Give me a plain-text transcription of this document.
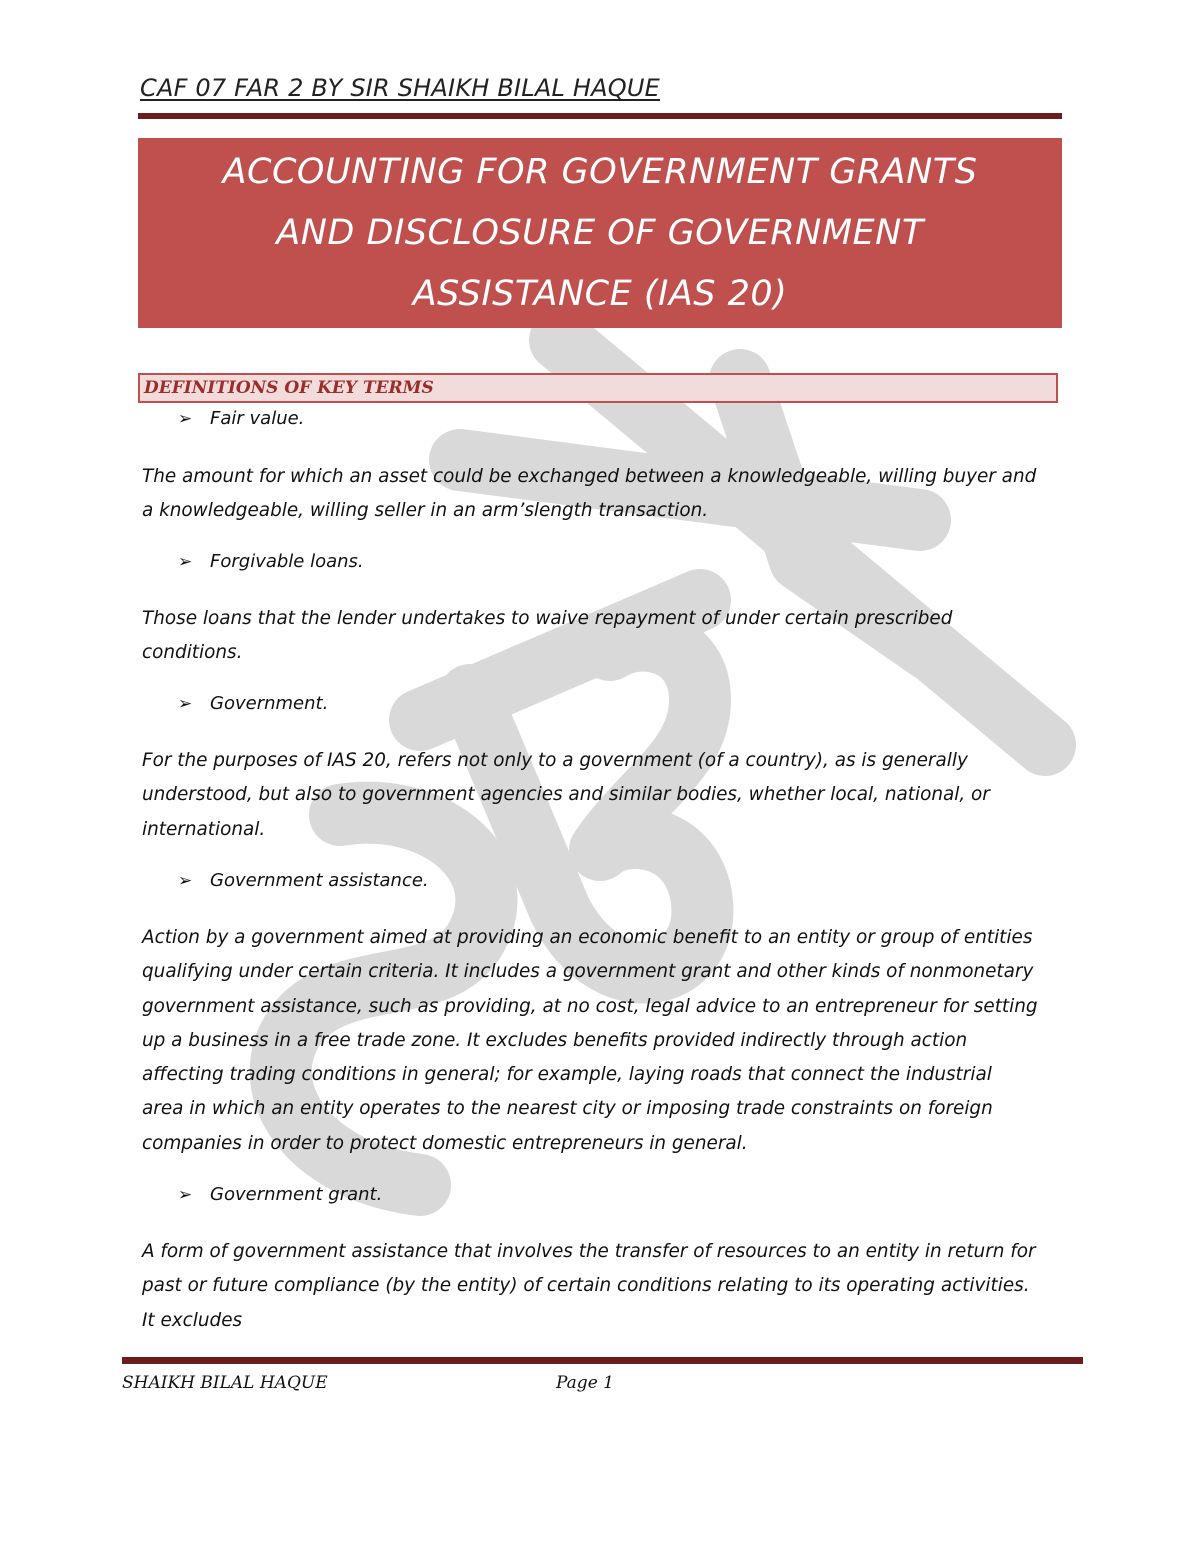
CAF 07 FAR 2 BY SIR SHAIKH BILAL HAQUE
ACCOUNTING FOR GOVERNMENT GRANTS
AND DISCLOSURE OF GOVERNMENT
ASSISTANCE (IAS 20)
DEFINITIONS OF KEY TERMS
➢ Fair value.
The amount for which an asset could be exchanged between a knowledgeable, willing buyer and
a knowledgeable, willing seller in an arm’slength transaction.
➢ Forgivable loans.
Those loans that the lender undertakes to waive repayment of under certain prescribed
conditions.
➢ Government.
For the purposes of IAS 20, refers not only to a government (of a country), as is generally
understood, but also to government agencies and similar bodies, whether local, national, or
international.
➢ Government assistance.
Action by a government aimed at providing an economic benefit to an entity or group of entities
qualifying under certain criteria. It includes a government grant and other kinds of nonmonetary
government assistance, such as providing, at no cost, legal advice to an entrepreneur for setting
up a business in a free trade zone. It excludes benefits provided indirectly through action
affecting trading conditions in general; for example, laying roads that connect the industrial
area in which an entity operates to the nearest city or imposing trade constraints on foreign
companies in order to protect domestic entrepreneurs in general.
➢ Government grant.
A form of government assistance that involves the transfer of resources to an entity in return for
past or future compliance (by the entity) of certain conditions relating to its operating activities.
It excludes
SHAIKH BILAL HAQUE	Page 1
